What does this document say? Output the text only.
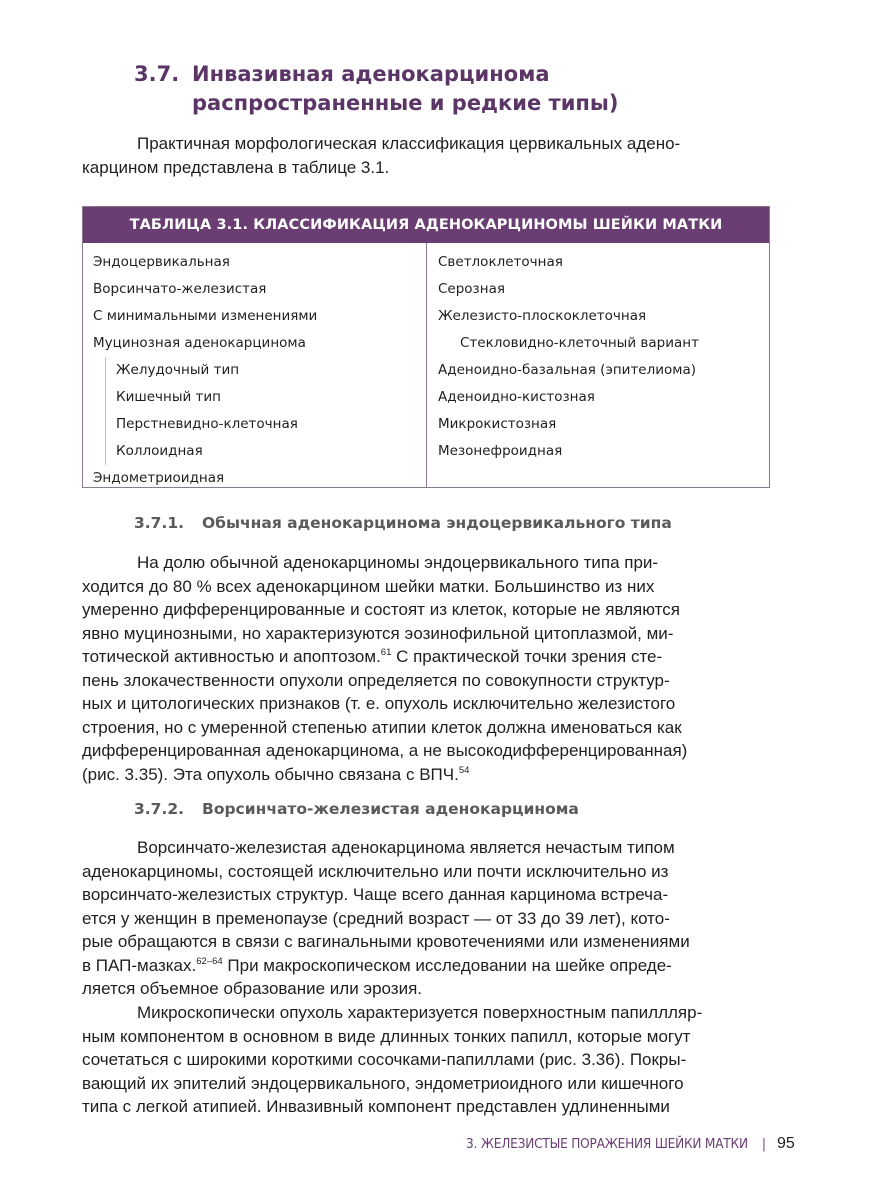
3.7. Инвазивная аденокарцинома
распространенные и редкие типы)

Практичная морфологическая классификация цервикальных адено-
карцином представлена в таблице 3.1.

ТАБЛИЦА 3.1. КЛАССИФИКАЦИЯ АДЕНОКАРЦИНОМЫ ШЕЙКИ МАТКИ
Эндоцервикальная
Ворсинчато-железистая
С минимальными изменениями
Муцинозная аденокарцинома
Желудочный тип
Кишечный тип
Перстневидно-клеточная
Коллоидная
Эндометриоидная
Светлоклеточная
Серозная
Железисто-плоскоклеточная
Стекловидно-клеточный вариант
Аденоидно-базальная (эпителиома)
Аденоидно-кистозная
Микрокистозная
Мезонефроидная
3.7.1. Обычная аденокарцинома эндоцервикального типа

На долю обычной аденокарциномы эндоцервикального типа при-
ходится до 80 % всех аденокарцином шейки матки. Большинство из них
умеренно дифференцированные и состоят из клеток, которые не являются
явно муцинозными, но характеризуются эозинофильной цитоплазмой, ми-
тотической активностью и апоптозом.$^{61}$ С практической точки зрения сте-
пень злокачественности опухоли определяется по совокупности структур-
ных и цитологических признаков (т. е. опухоль исключительно железистого
строения, но с умеренной степенью атипии клеток должна именоваться как
дифференцированная аденокарцинома, а не высокодифференцированная)
(рис. 3.35). Эта опухоль обычно связана с ВПЧ.$^{54}$

3.7.2. Ворсинчато-железистая аденокарцинома

Ворсинчато-железистая аденокарцинома является нечастым типом
аденокарциномы, состоящей исключительно или почти исключительно из
ворсинчато-железистых структур. Чаще всего данная карцинома встреча-
ется у женщин в пременопаузе (средний возраст — от 33 до 39 лет), кото-
рые обращаются в связи с вагинальными кровотечениями или изменениями
в ПАП-мазках.$^{62-64}$ При макроскопическом исследовании на шейке опреде-
ляется объемное образование или эрозия.

Микроскопически опухоль характеризуется поверхностным папиллляр-
ным компонентом в основном в виде длинных тонких папилл, которые могут
сочетаться с широкими короткими сосочками-папиллами (рис. 3.36). Покры-
вающий их эпителий эндоцервикального, эндометриоидного или кишечного
типа с легкой атипией. Инвазивный компонент представлен удлиненными

3. ЖЕЛЕЗИСТЫЕ ПОРАЖЕНИЯ ШЕЙКИ МАТКИ | 95
